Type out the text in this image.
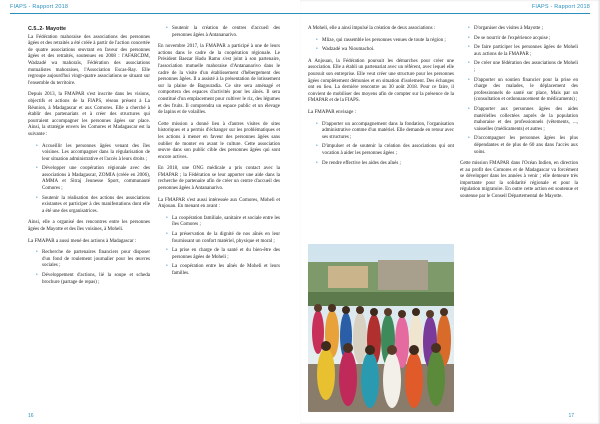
FIAPS - Rapport 2018
C.5..2- Mayotte

La Fédération mahoraise des associations des personnes âgées et des retraités a été créée à partir de l'action concertée de quatre associations œuvrant en faveur des personnes âgées et des retraités, soutenues en 2008 : l'AFARCDM, Wadzadé wa mahoraïs, Fédération des associations mutualistes mahoraises, l'Association Escas-Ray. Elle regroupe aujourd'hui vingt-quatre associations se situant sur l'ensemble du territoire.

Depuis 2013, la FMAPAR s'est inscrite dans les visions, objectifs et actions de la FIAPS, réseau présent à La Réunion, à Madagascar et aux Comores. Elle a cherché à établir des partenariats et à créer des structures qui pourraient accompagner les personnes âgées sur place. Ainsi, la stratégie envers les Comores et Madagascar est la suivante :

• Accueillir les personnes âgées venant des îles voisines. Les accompagner dans la régularisation de leur situation administrative et l'accès à leurs droits ;
• Développer une coopération régionale avec des associations à Madagascar, ZOMIA (créée en 2006), AMMA et Sitraj Jeunesse Sport, communauté Comores ;
• Soutenir la réalisation des actions des associations existantes et participer à des manifestations dont elle a été une des organisatrices.

Ainsi, elle a organisé des rencontres entre les personnes âgées de Mayotte et des îles voisines, à Moheli.

La FMAPAR a aussi mené des actions à Madagascar :

• Recherche de partenaires financiers pour disposer d'un fond de roulement journalier pour les œuvres sociales ;
• Développement d'actions, lié la soupe et scheda brochure (partage de repas) ;
• Soutenir la création de centres d'accueil des personnes âgées à Antananarivo.

En novembre 2017, la FMAPAR a participé à une de leurs actions dans le cadre de la coopération régionale. Le Président Baezar Hadu Ramu s'est joint à son partenaire, l'association mutuelle mahoraise d'Antananarivo dans le cadre de la visite d'un établissement d'hébergement des personnes âgées. Il a assisté à la présentation de lotissement sur la plaine de Bagouradia. Ce site sera aménagé et comportera des espaces d'activités pour les aînés. Il sera constitué d'un emplacement pour cultiver le riz, des légumes et des fruits. Il comprendra un espace public et un élevage de lapins et de volailles.

Cette mission a donné lieu à d'autres visites de sites historiques et a permis d'échanger sur les problématiques et les actions à mener en faveur des personnes âgées sans oublier de monter en avant le culture. Cette association œuvre dans son public cible des personnes âgées qui sont encore actives.

En 2018, une ONG médicale a pris contact avec la FMAPAR ; la Fédération se leur apporter une aide dans la recherche de partenaire afin de créer un centre d'accueil des personnes âgées à Antananarivo.

La FMAPAR s'est aussi intéressée aux Comores, Moheli et Anjouan. En menant en avant :

• La coopération familiale, sanitaire et sociale entre les îles Comores ;
• La préservation de la dignité de nos aînés en leur fournissant un confort matériel, physique et moral ;
• La prise en charge de la santé et du bien-être des personnes âgées de Moheli ;
• La coopération entre les aînés de Moheli et leurs familles.
16
FIAPS - Rapport 2018

A Moheli, elle a ainsi impulsé la création de deux associations :

• Mlize, qui rassemble les personnes venues de toute la région ;
• Wadzadé wa Nioumachoi.

A Anjouan, la Fédération poursuit les démarches pour créer une association. Elle a établi un partenariat avec un référent, avec lequel elle poursuit son entreprise. Elle veut créer une structure pour les personnes âgées complètement démunies et en situation d'isolement. Des échanges ont eu lieu. La dernière rencontre au 30 août 2018. Pour ce faire, il convient de mobiliser des moyens afin de compter sur la présence de la FMAPAR et de la FIAPS.

La FMAPAR envisage :

• D'apporter un accompagnement dans la fondation, l'organisation administrative comme d'un matériel. Elle demande en retour avec ses structures ;
• D'impulser et de soutenir la création des associations qui ont vocation à aider les personnes âgées ;
• De rendre effective les aides des aînés ;
• D'organiser des visites à Mayotte ;
• De se nourrir de l'expérience acquise ;
• De faire participer les personnes âgées de Moheli aux actions de la FMAPAR ;
• De créer une fédération des associations de Moheli ;
• D'apporter un soutien financier pour la prise en charge des malades, le déplacement des professionnels de santé sur place, Mais par un (consultation et ordonnancement de médicaments) ;
• D'apporter aux personnes âgées des aides matérielles collectées auprès de la population mahoraise et des professionnels (vêtements, ..., vaisselles (médicaments) et autres ;
• D'accompagner les personnes âgées les plus dépendantes et de plus de 60 ans dans l'accès aux soins.

Cette mission FMAPAR dans l'Océan Indien, en direction et au profit des Comores et de Madagascar va forcément se développer dans les années à venir ; elle demeure très importante pour la solidarité régionale et pour la régulation migratoire. En outre cette action est soutenue et soutenue par le Conseil Départemental de Mayotte.

17
